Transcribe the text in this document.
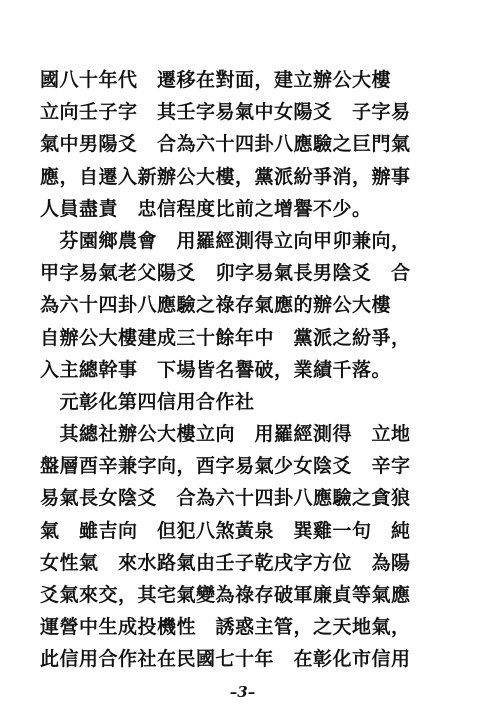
國八十年代　遷移在對面，建立辦公大樓
立向壬子字　其壬字易氣中女陽爻　子字易
氣中男陽爻　合為六十四卦八應驗之巨門氣
應，自遷入新辦公大樓，黨派紛爭消，辦事
人員盡責　忠信程度比前之增譽不少。
　芬園鄉農會　用羅經測得立向甲卯兼向，
甲字易氣老父陽爻　卯字易氣長男陰爻　合
為六十四卦八應驗之祿存氣應的辦公大樓
自辦公大樓建成三十餘年中　黨派之紛爭，
入主總幹事　下場皆名譽破，業績千落。
　元彰化第四信用合作社
　其總社辦公大樓立向　用羅經測得　立地
盤層酉辛兼字向，酉字易氣少女陰爻　辛字
易氣長女陰爻　合為六十四卦八應驗之貪狼
氣　雖吉向　但犯八煞黃泉　巽雞一句　純
女性氣　來水路氣由壬子乾戌字方位　為陽
爻氣來交，其宅氣變為祿存破軍廉貞等氣應
運營中生成投機性　誘惑主管，之天地氣，
此信用合作社在民國七十年　在彰化市信用
–3–
